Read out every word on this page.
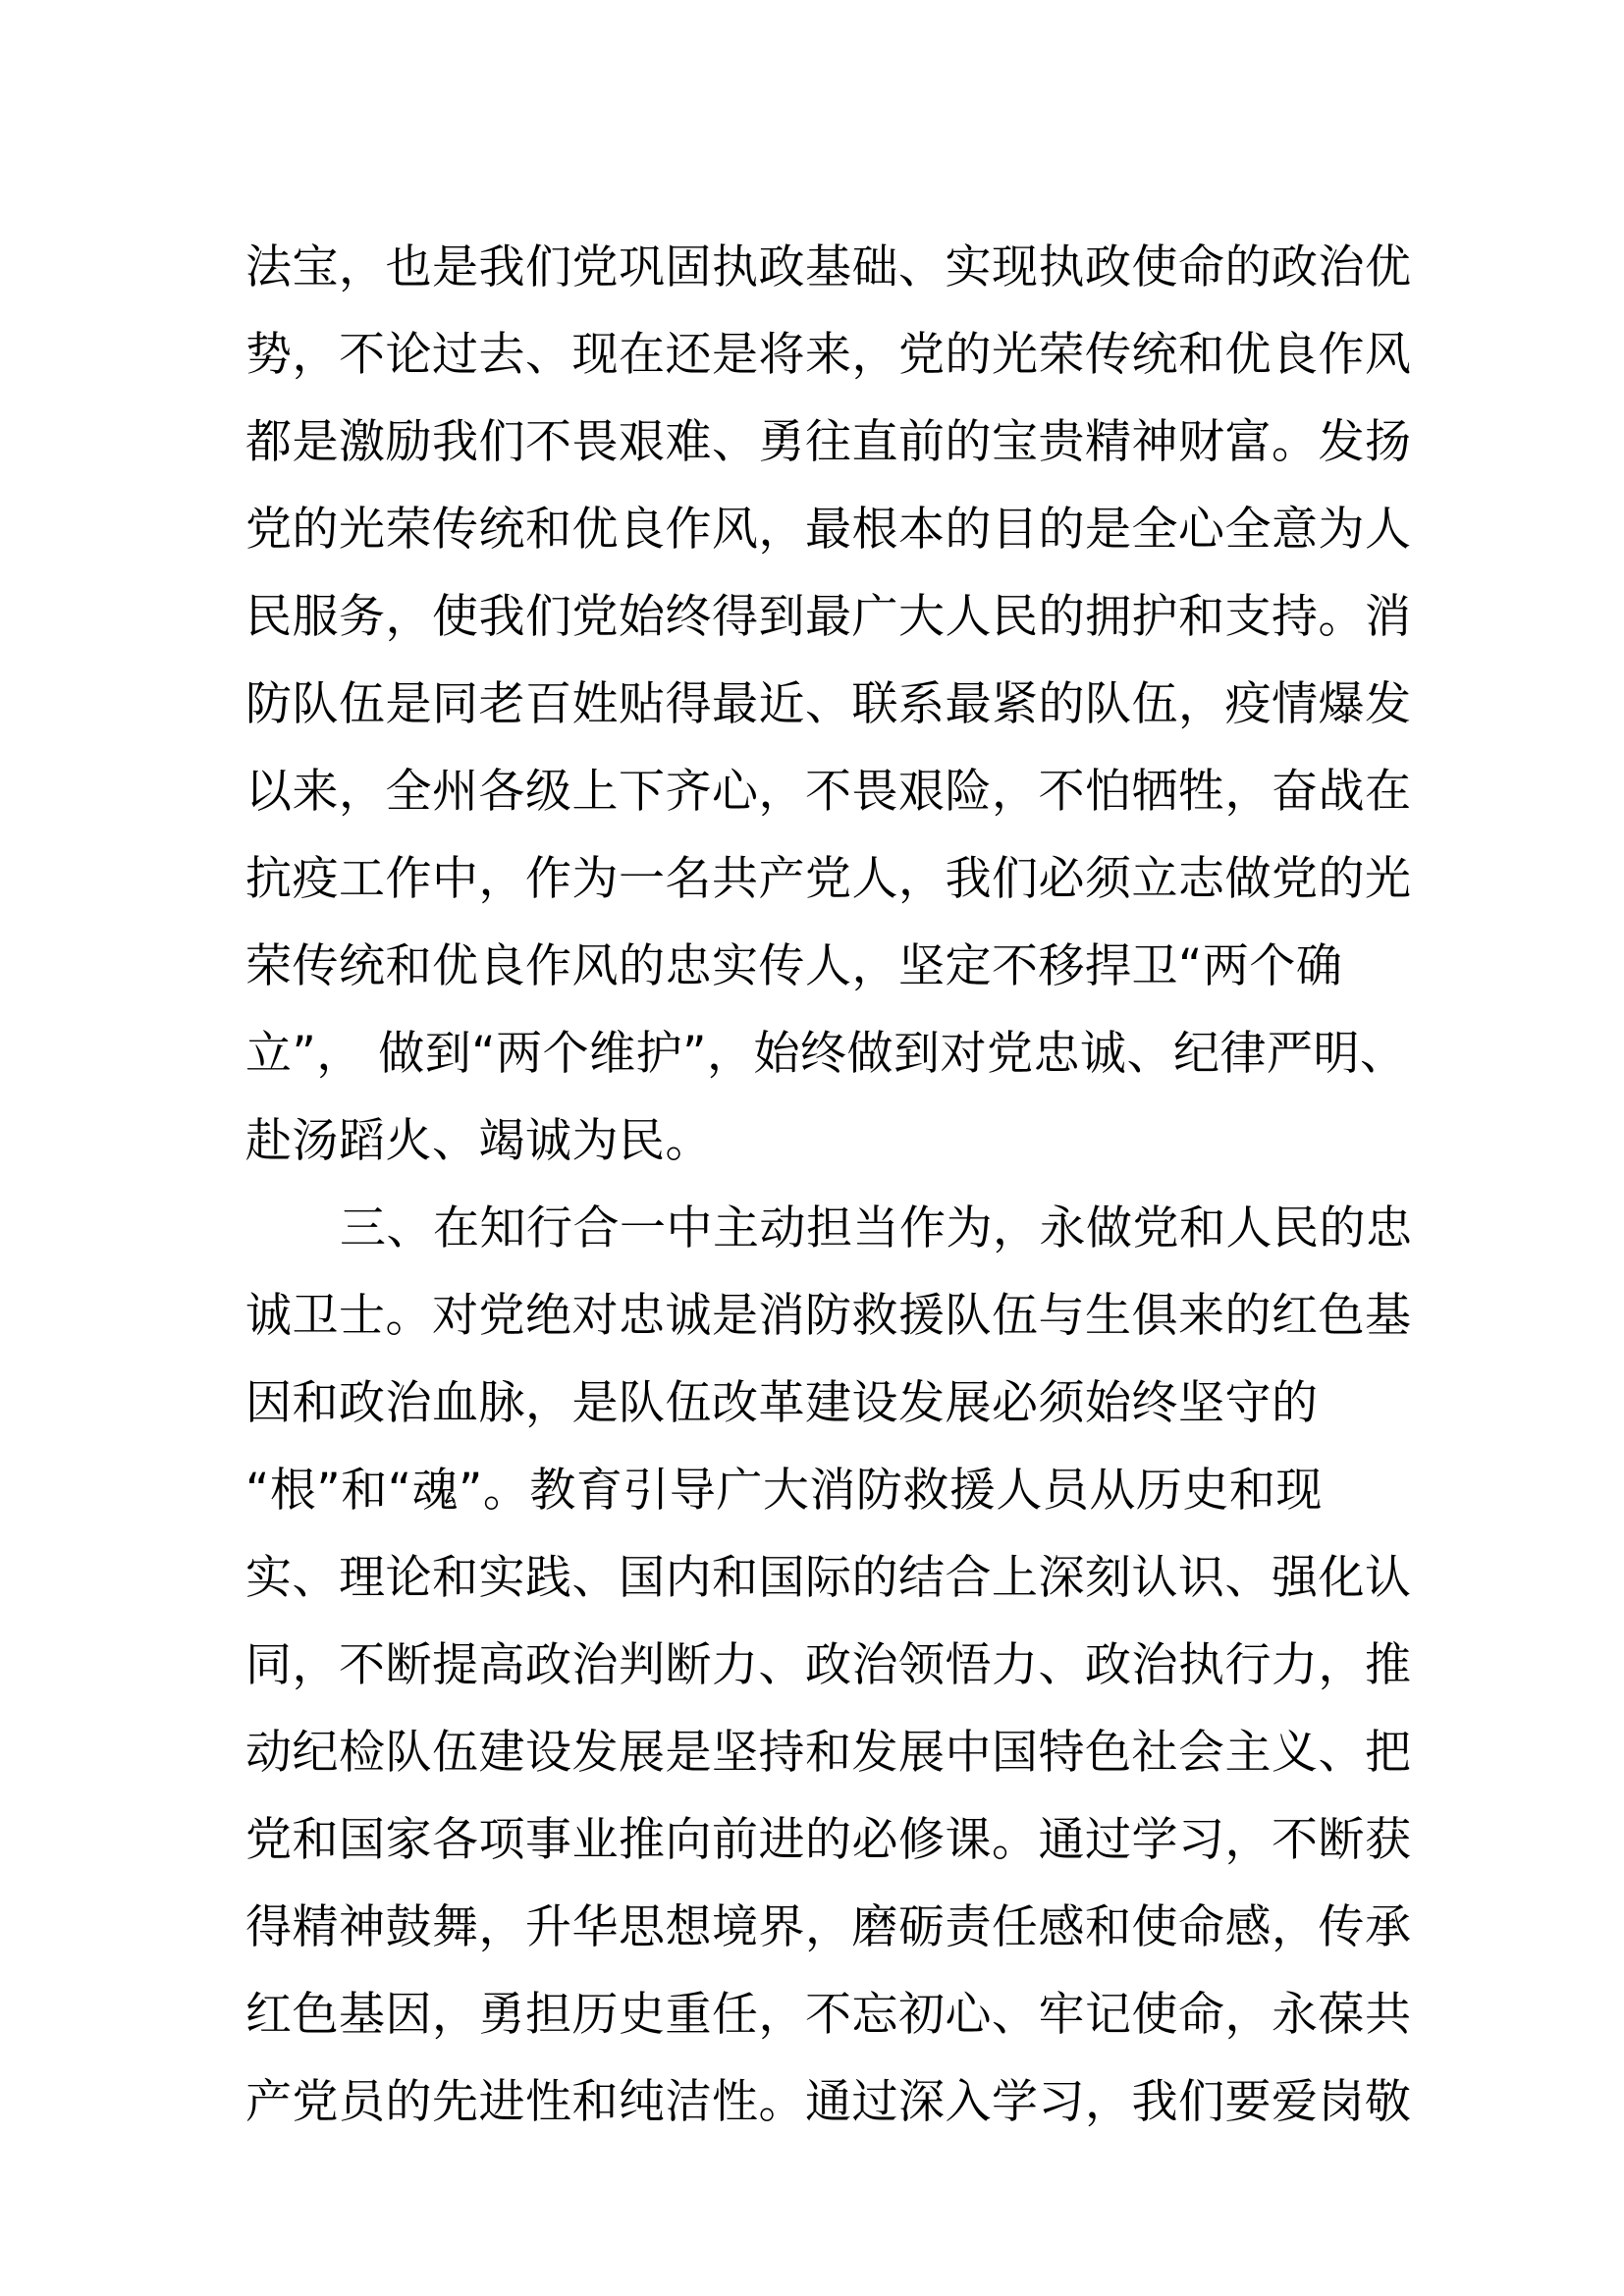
法宝，也是我们党巩固执政基础、实现执政使命的政治优
势，不论过去、现在还是将来，党的光荣传统和优良作风
都是激励我们不畏艰难、勇往直前的宝贵精神财富。发扬
党的光荣传统和优良作风，最根本的目的是全心全意为人
民服务，使我们党始终得到最广大人民的拥护和支持。消
防队伍是同老百姓贴得最近、联系最紧的队伍，疫情爆发
以来，全州各级上下齐心，不畏艰险，不怕牺牲，奋战在
抗疫工作中，作为一名共产党人，我们必须立志做党的光
荣传统和优良作风的忠实传人，坚定不移捍卫“两个确
立”， 做到“两个维护”，始终做到对党忠诚、纪律严明、
赴汤蹈火、竭诚为民。
三、在知行合一中主动担当作为，永做党和人民的忠
诚卫士。对党绝对忠诚是消防救援队伍与生俱来的红色基
因和政治血脉，是队伍改革建设发展必须始终坚守的
“根”和“魂”。教育引导广大消防救援人员从历史和现
实、理论和实践、国内和国际的结合上深刻认识、强化认
同，不断提高政治判断力、政治领悟力、政治执行力，推
动纪检队伍建设发展是坚持和发展中国特色社会主义、把
党和国家各项事业推向前进的必修课。通过学习，不断获
得精神鼓舞，升华思想境界，磨砺责任感和使命感，传承
红色基因，勇担历史重任，不忘初心、牢记使命，永葆共
产党员的先进性和纯洁性。通过深入学习，我们要爱岗敬
